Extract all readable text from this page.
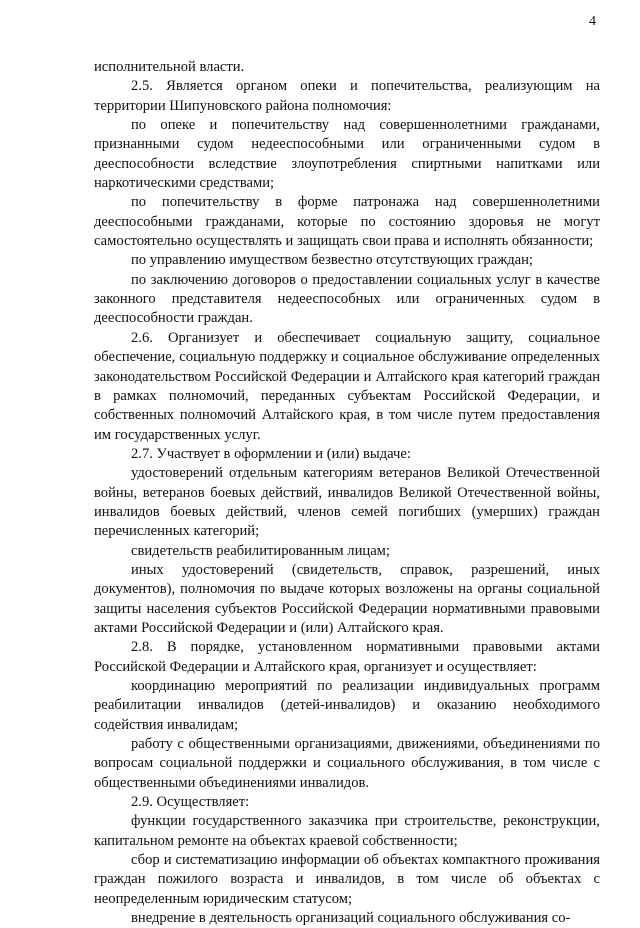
4

исполнительной власти.

2.5. Является органом опеки и попечительства, реализующим на территории Шипуновского района полномочия:

по опеке и попечительству над совершеннолетними гражданами, признанными судом недееспособными или ограниченными судом в дееспособности вследствие злоупотребления спиртными напитками или наркотическими средствами;

по попечительству в форме патронажа над совершеннолетними дееспособными гражданами, которые по состоянию здоровья не могут самостоятельно осуществлять и защищать свои права и исполнять обязанности;

по управлению имуществом безвестно отсутствующих граждан;

по заключению договоров о предоставлении социальных услуг в качестве законного представителя недееспособных или ограниченных судом в дееспособности граждан.

2.6. Организует и обеспечивает социальную защиту, социальное обеспечение, социальную поддержку и социальное обслуживание определенных законодательством Российской Федерации и Алтайского края категорий граждан в рамках полномочий, переданных субъектам Российской Федерации, и собственных полномочий Алтайского края, в том числе путем предоставления им государственных услуг.

2.7. Участвует в оформлении и (или) выдаче:

удостоверений отдельным категориям ветеранов Великой Отечественной войны, ветеранов боевых действий, инвалидов Великой Отечественной войны, инвалидов боевых действий, членов семей погибших (умерших) граждан перечисленных категорий;

свидетельств реабилитированным лицам;

иных удостоверений (свидетельств, справок, разрешений, иных документов), полномочия по выдаче которых возложены на органы социальной защиты населения субъектов Российской Федерации нормативными правовыми актами Российской Федерации и (или) Алтайского края.

2.8. В порядке, установленном нормативными правовыми актами Российской Федерации и Алтайского края, организует и осуществляет:

координацию мероприятий по реализации индивидуальных программ реабилитации инвалидов (детей-инвалидов) и оказанию необходимого содействия инвалидам;

работу с общественными организациями, движениями, объединениями по вопросам социальной поддержки и социального обслуживания, в том числе с общественными объединениями инвалидов.

2.9. Осуществляет:

функции государственного заказчика при строительстве, реконструкции, капитальном ремонте на объектах краевой собственности;

сбор и систематизацию информации об объектах компактного проживания граждан пожилого возраста и инвалидов, в том числе об объектах с неопределенным юридическим статусом;

внедрение в деятельность организаций социального обслуживания со-
